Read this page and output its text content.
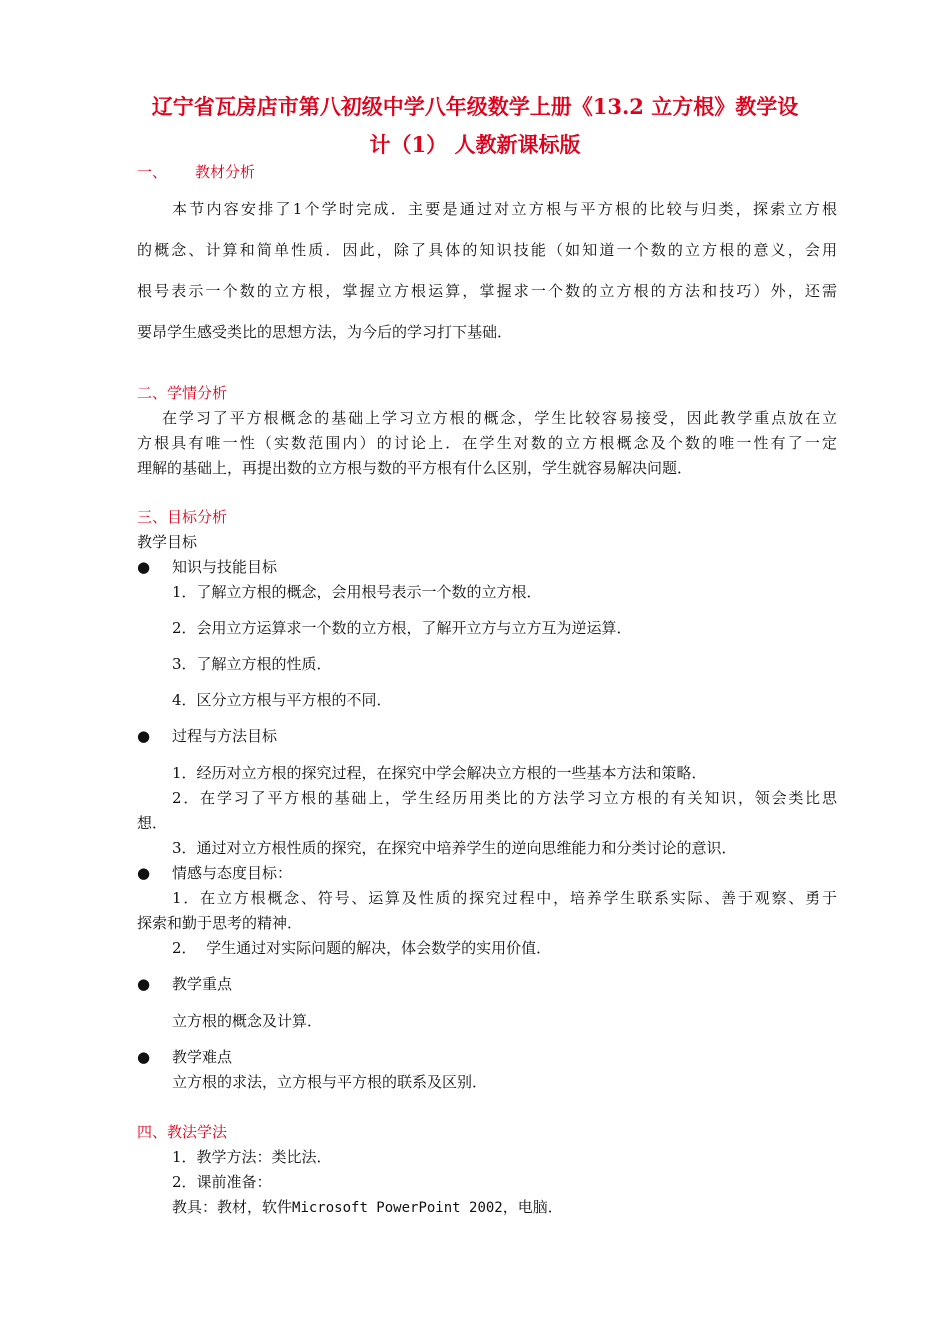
辽宁省瓦房店市第八初级中学八年级数学上册《13.2 立方根》教学设
计（1） 人教新课标版
一、 教材分析
本节内容安排了1个学时完成．主要是通过对立方根与平方根的比较与归类，探索立方根
的概念、计算和简单性质．因此，除了具体的知识技能（如知道一个数的立方根的意义，会用
根号表示一个数的立方根，掌握立方根运算，掌握求一个数的立方根的方法和技巧）外，还需
要昂学生感受类比的思想方法，为今后的学习打下基础．
二、学情分析
在学习了平方根概念的基础上学习立方根的概念，学生比较容易接受，因此教学重点放在立
方根具有唯一性（实数范围内）的讨论上．在学生对数的立方根概念及个数的唯一性有了一定
理解的基础上，再提出数的立方根与数的平方根有什么区别，学生就容易解决问题．
三、目标分析
教学目标
● 知识与技能目标
1．了解立方根的概念，会用根号表示一个数的立方根．
2．会用立方运算求一个数的立方根，了解开立方与立方互为逆运算．
3．了解立方根的性质．
4．区分立方根与平方根的不同．
● 过程与方法目标
1．经历对立方根的探究过程，在探究中学会解决立方根的一些基本方法和策略．
2．在学习了平方根的基础上，学生经历用类比的方法学习立方根的有关知识，领会类比思
想．
3．通过对立方根性质的探究，在探究中培养学生的逆向思维能力和分类讨论的意识．
● 情感与态度目标：
1．在立方根概念、符号、运算及性质的探究过程中，培养学生联系实际、善于观察、勇于
探索和勤于思考的精神．
2．  学生通过对实际问题的解决，体会数学的实用价值．
● 教学重点
立方根的概念及计算．
● 教学难点
立方根的求法，立方根与平方根的联系及区别．
四、教法学法
1．教学方法：类比法．
2．课前准备：
教具：教材，软件Microsoft PowerPoint 2002，电脑．
